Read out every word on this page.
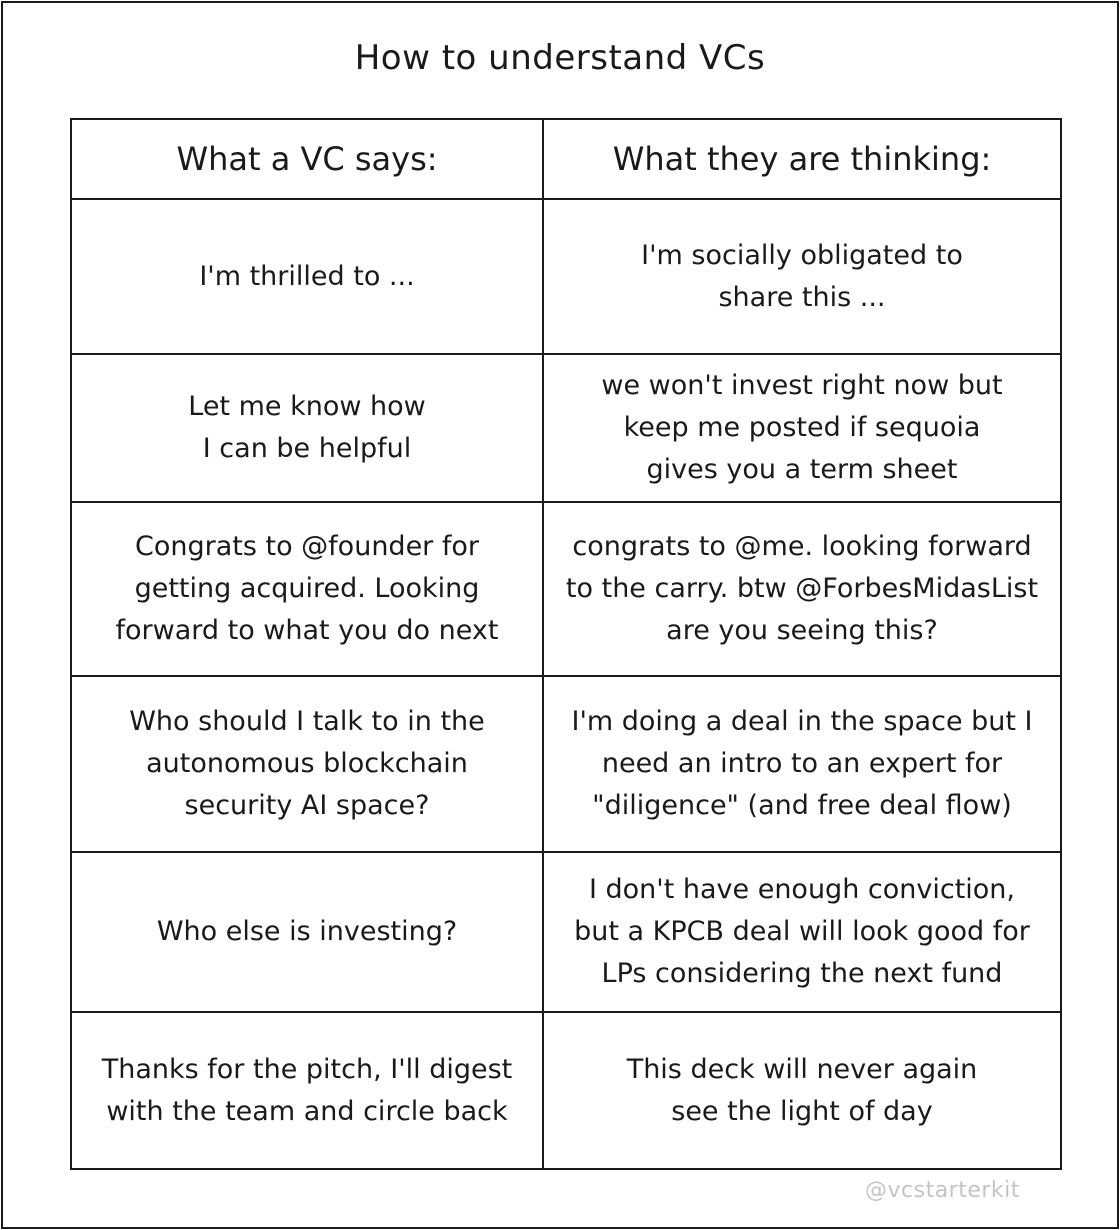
How to understand VCs
What a VC says:	What they are thinking:
I'm thrilled to ...
I'm socially obligated to
share this ...
Let me know how
I can be helpful
we won't invest right now but
keep me posted if sequoia
gives you a term sheet
Congrats to @founder for
getting acquired. Looking
forward to what you do next
congrats to @me. looking forward
to the carry. btw @ForbesMidasList
are you seeing this?
Who should I talk to in the
autonomous blockchain
security AI space?
I'm doing a deal in the space but I
need an intro to an expert for
"diligence" (and free deal flow)
Who else is investing?
I don't have enough conviction,
but a KPCB deal will look good for
LPs considering the next fund
Thanks for the pitch, I'll digest
with the team and circle back
This deck will never again
see the light of day
@vcstarterkit
